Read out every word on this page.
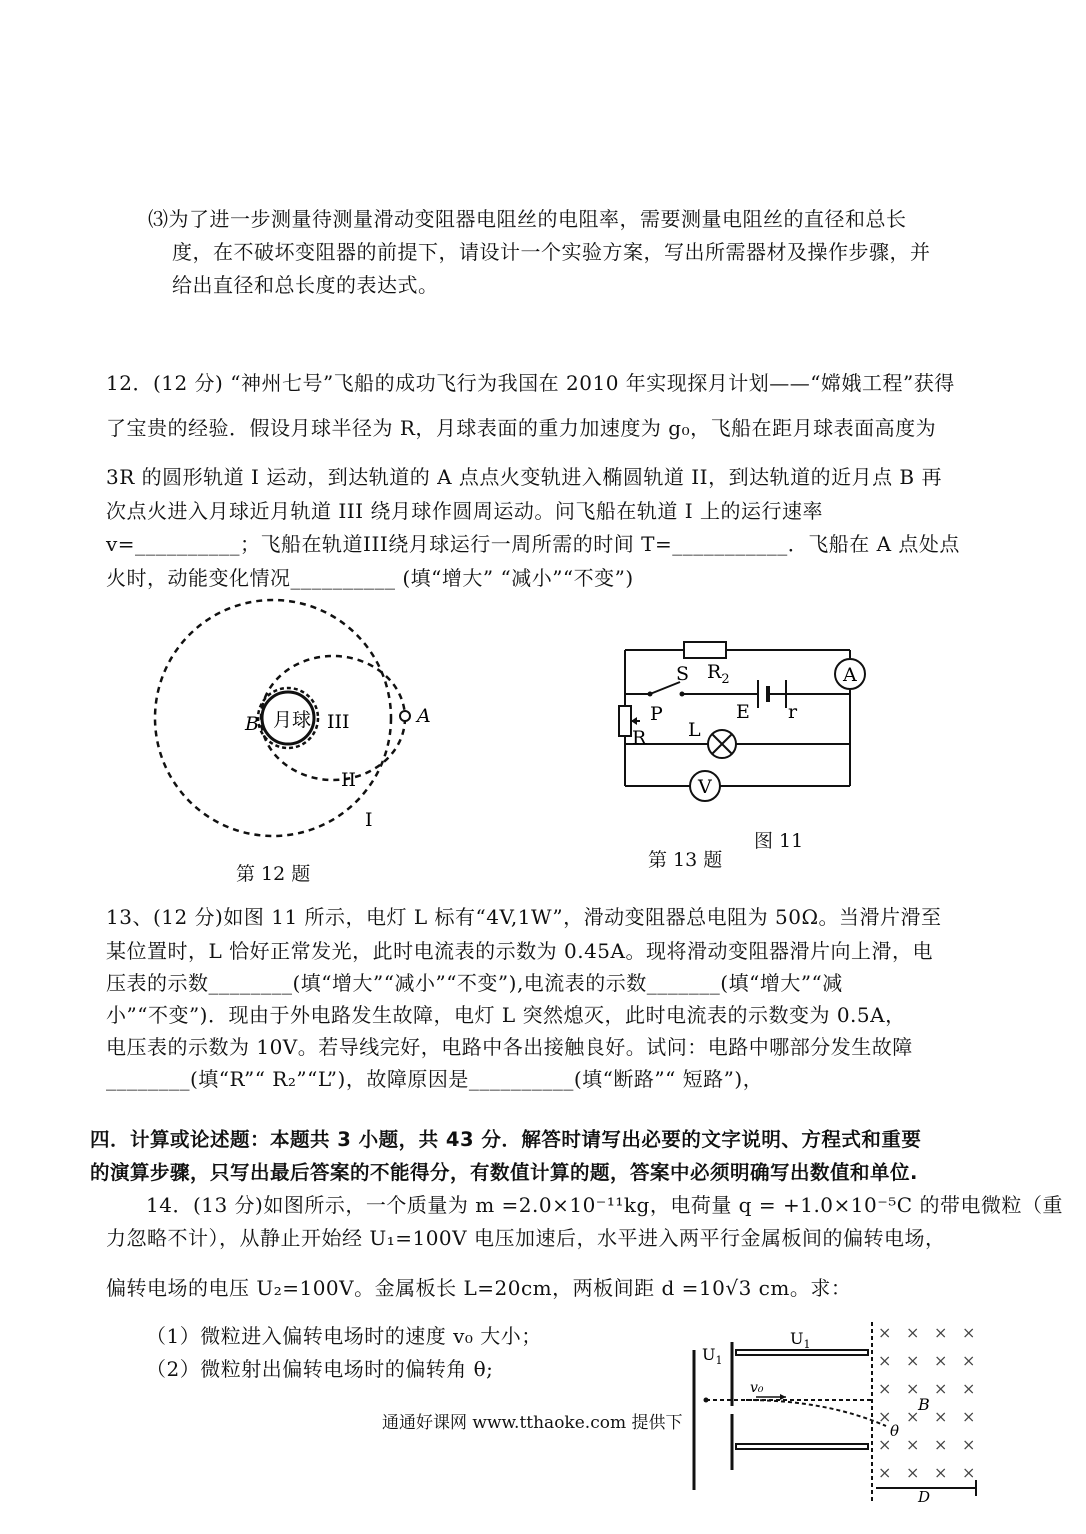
⑶为了进一步测量待测量滑动变阻器电阻丝的电阻率，需要测量电阻丝的直径和总长
度，在不破坏变阻器的前提下，请设计一个实验方案，写出所需器材及操作步骤，并
给出直径和总长度的表达式。
12．(12 分) “神州七号”飞船的成功飞行为我国在 2010 年实现探月计划——“嫦娥工程”获得
了宝贵的经验．假设月球半径为 R，月球表面的重力加速度为 g₀，飞船在距月球表面高度为
3R 的圆形轨道 I 运动，到达轨道的 A 点点火变轨进入椭圆轨道 II，到达轨道的近月点 B 再
次点火进入月球近月轨道 III 绕月球作圆周运动。问飞船在轨道 I 上的运行速率
v=__________；飞船在轨道III绕月球运行一周所需的时间 T=___________．飞船在 A 点处点
火时，动能变化情况__________ (填“增大” “减小”“不变”)
月球
B	A
III
II
I
第 12 题
A
V
S $R_2$
E r
P
R L
图 11
第 13 题
13、(12 分)如图 11 所示，电灯 L 标有“4V,1W”，滑动变阻器总电阻为 50Ω。当滑片滑至
某位置时，L 恰好正常发光，此时电流表的示数为 0.45A。现将滑动变阻器滑片向上滑，电
压表的示数________(填“增大”“减小”“不变”),电流表的示数_______(填“增大”“减
小”“不变”)．现由于外电路发生故障，电灯 L 突然熄灭，此时电流表的示数变为 0.5A，
电压表的示数为 10V。若导线完好，电路中各出接触良好。试问：电路中哪部分发生故障
________(填“R”“ R₂”“L”)，故障原因是__________(填“断路”“ 短路”)，
四．计算或论述题：本题共 3 小题，共 43 分．解答时请写出必要的文字说明、方程式和重要
的演算步骤，只写出最后答案的不能得分，有数值计算的题，答案中必须明确写出数值和单位.
14．(13 分)如图所示，一个质量为 m =2.0×10⁻¹¹kg，电荷量 q = +1.0×10⁻⁵C 的带电微粒（重
力忽略不计），从静止开始经 U₁=100V 电压加速后，水平进入两平行金属板间的偏转电场，
偏转电场的电压 U₂=100V。金属板长 L=20cm，两板间距 d =10√3 cm。求：
（1）微粒进入偏转电场时的速度 v₀ 大小；
（2）微粒射出偏转电场时的偏转角 θ;
通通好课网 www.tthaoke.com 提供下
× × × ×
× × × ×
× × × ×
× × × ×
× × × ×
× × × ×
$U_1$
$U_1$
v₀
B
θ
D
